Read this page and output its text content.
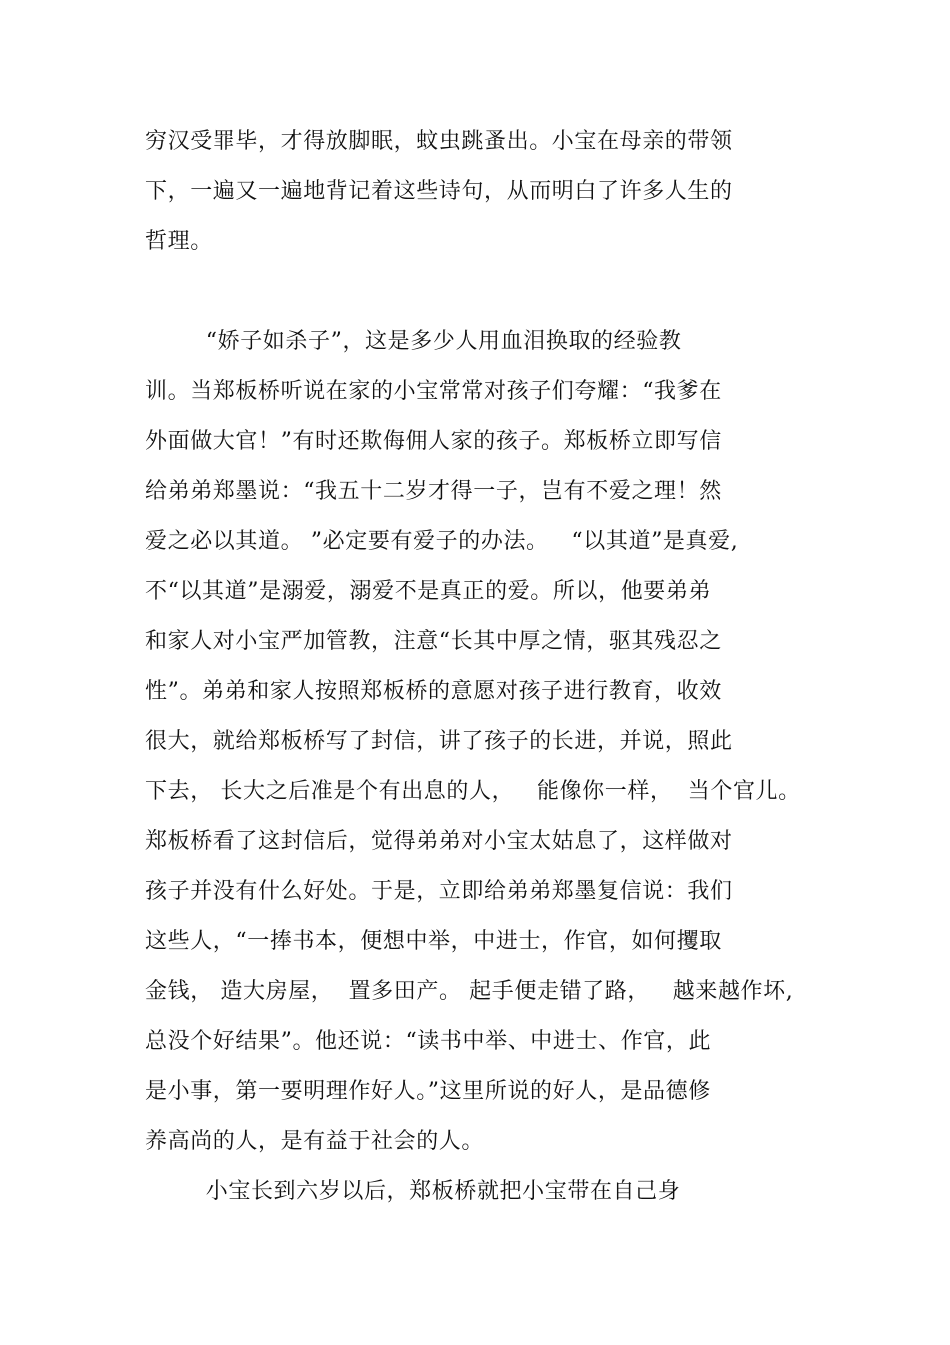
穷汉受罪毕，才得放脚眠，蚊虫跳蚤出。小宝在母亲的带领
下，一遍又一遍地背记着这些诗句，从而明白了许多人生的
哲理。
“娇子如杀子”，这是多少人用血泪换取的经验教
训。当郑板桥听说在家的小宝常常对孩子们夸耀：“我爹在
外面做大官！”有时还欺侮佣人家的孩子。郑板桥立即写信
给弟弟郑墨说：“我五十二岁才得一子，岂有不爱之理！然
爱之必以其道。 ”必定要有爱子的办法。   “以其道”是真爱,
不“以其道”是溺爱，溺爱不是真正的爱。所以，他要弟弟
和家人对小宝严加管教，注意“长其中厚之情，驱其残忍之
性”。弟弟和家人按照郑板桥的意愿对孩子进行教育，收效
很大，就给郑板桥写了封信，讲了孩子的长进，并说，照此
下去， 长大之后准是个有出息的人，   能像你一样，  当个官儿。
郑板桥看了这封信后，觉得弟弟对小宝太姑息了，这样做对
孩子并没有什么好处。于是，立即给弟弟郑墨复信说：我们
这些人，“一捧书本，便想中举，中进士，作官，如何攫取
金钱， 造大房屋，  置多田产。 起手便走错了路，   越来越作坏,
总没个好结果”。他还说：“读书中举、中进士、作官，此
是小事，第一要明理作好人。”这里所说的好人，是品德修
养高尚的人，是有益于社会的人。
小宝长到六岁以后，郑板桥就把小宝带在自己身
